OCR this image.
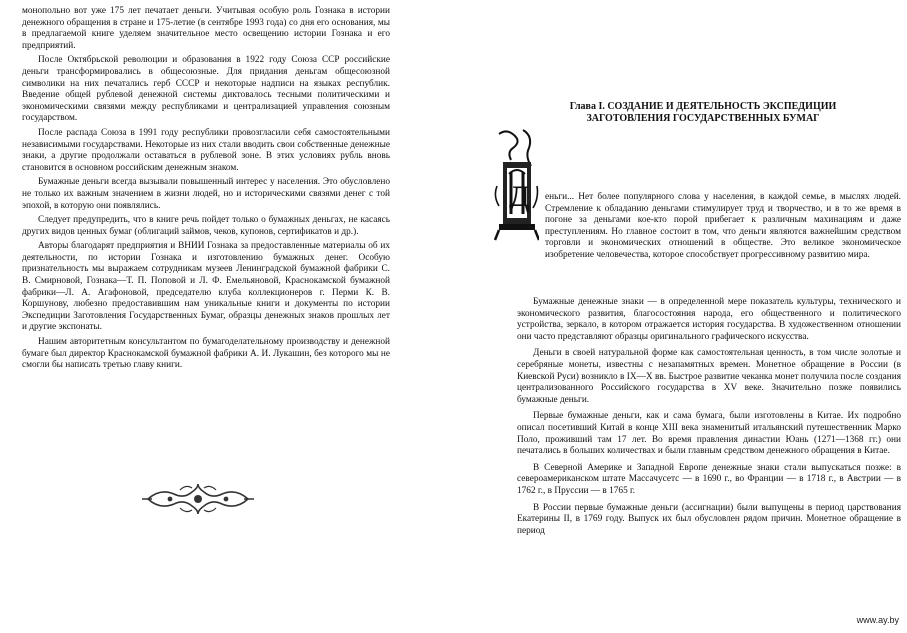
монопольно вот уже 175 лет печатает деньги. Учитывая особую роль Гознака в истории денежного обращения в стране и 175-летие (в сентябре 1993 года) со дня его основания, мы в предлагаемой книге уделяем значительное место освещению истории Гознака и его предприятий.

После Октябрьской революции и образования в 1922 году Союза ССР российские деньги трансформировались в общесоюзные. Для придания деньгам общесоюзной символики на них печатались герб СССР и некоторые надписи на языках республик. Введение общей рублевой денежной системы диктовалось тесными политическими и экономическими связями между республиками и централизацией управления союзным государством.

После распада Союза в 1991 году республики провозгласили себя самостоятельными независимыми государствами. Некоторые из них стали вводить свои собственные денежные знаки, а другие продолжали оставаться в рублевой зоне. В этих условиях рубль вновь становится в основном российским денежным знаком.

Бумажные деньги всегда вызывали повышенный интерес у населения. Это обусловлено не только их важным значением в жизни людей, но и историческими связями денег с той эпохой, в которую они появлялись.

Следует предупредить, что в книге речь пойдет только о бумажных деньгах, не касаясь других видов ценных бумаг (облигаций займов, чеков, купонов, сертификатов и др.).

Авторы благодарят предприятия и ВНИИ Гознака за предоставленные материалы об их деятельности, по истории Гознака и изготовлению бумажных денег. Особую признательность мы выражаем сотрудникам музеев Ленинградской бумажной фабрики С. В. Смирновой, Гознака—Т. П. Поповой и Л. Ф. Емельяновой, Краснокамской бумажной фабрики—Л. А. Агафоновой, председателю клуба коллекционеров г. Перми К. В. Коршунову, любезно предоставившим нам уникальные книги и документы по истории Экспедиции Заготовления Государственных Бумаг, образцы денежных знаков прошлых лет и другие экспонаты.

Нашим авторитетным консультантом по бумагоделательному производству и денежной бумаге был директор Краснокамской бумажной фабрики А. И. Лукашин, без которого мы не смогли бы написать третью главу книги.

Глава I. СОЗДАНИЕ И ДЕЯТЕЛЬНОСТЬ ЭКСПЕДИЦИИ
ЗАГОТОВЛЕНИЯ ГОСУДАРСТВЕННЫХ БУМАГ
Д еньги... Нет более популярного слова у населения, в каждой семье, в мыслях людей. Стремление к обладанию деньгами стимулирует труд и творчество, и в то же время в погоне за деньгами кое-кто порой прибегает к различным махинациям и даже преступлениям. Но главное состоит в том, что деньги являются важнейшим средством торговли и экономических отношений в обществе. Это великое экономическое изобретение человечества, которое способствует прогрессивному развитию мира.

Бумажные денежные знаки — в определенной мере показатель культуры, технического и экономического развития, благосостояния народа, его общественного и политического устройства, зеркало, в котором отражается история государства. В художественном отношении они часто представляют образцы оригинального графического искусства.

Деньги в своей натуральной форме как самостоятельная ценность, в том числе золотые и серебряные монеты, известны с незапамятных времен. Монетное обращение в России (в Киевской Руси) возникло в IX—X вв. Быстрое развитие чеканка монет получила после создания централизованного Российского государства в XV веке. Значительно позже появились бумажные деньги.

Первые бумажные деньги, как и сама бумага, были изготовлены в Китае. Их подробно описал посетивший Китай в конце XIII века знаменитый итальянский путешественник Марко Поло, проживший там 17 лет. Во время правления династии Юань (1271—1368 гг.) они печатались в больших количествах и были главным средством денежного обращения в Китае.

В Северной Америке и Западной Европе денежные знаки стали выпускаться позже: в североамериканском штате Массачусетс — в 1690 г., во Франции — в 1718 г., в Австрии — в 1762 г., в Пруссии — в 1765 г.

В России первые бумажные деньги (ассигнации) были выпущены в период царствования Екатерины II, в 1769 году. Выпуск их был обусловлен рядом причин. Монетное обращение в период

www.ay.by
